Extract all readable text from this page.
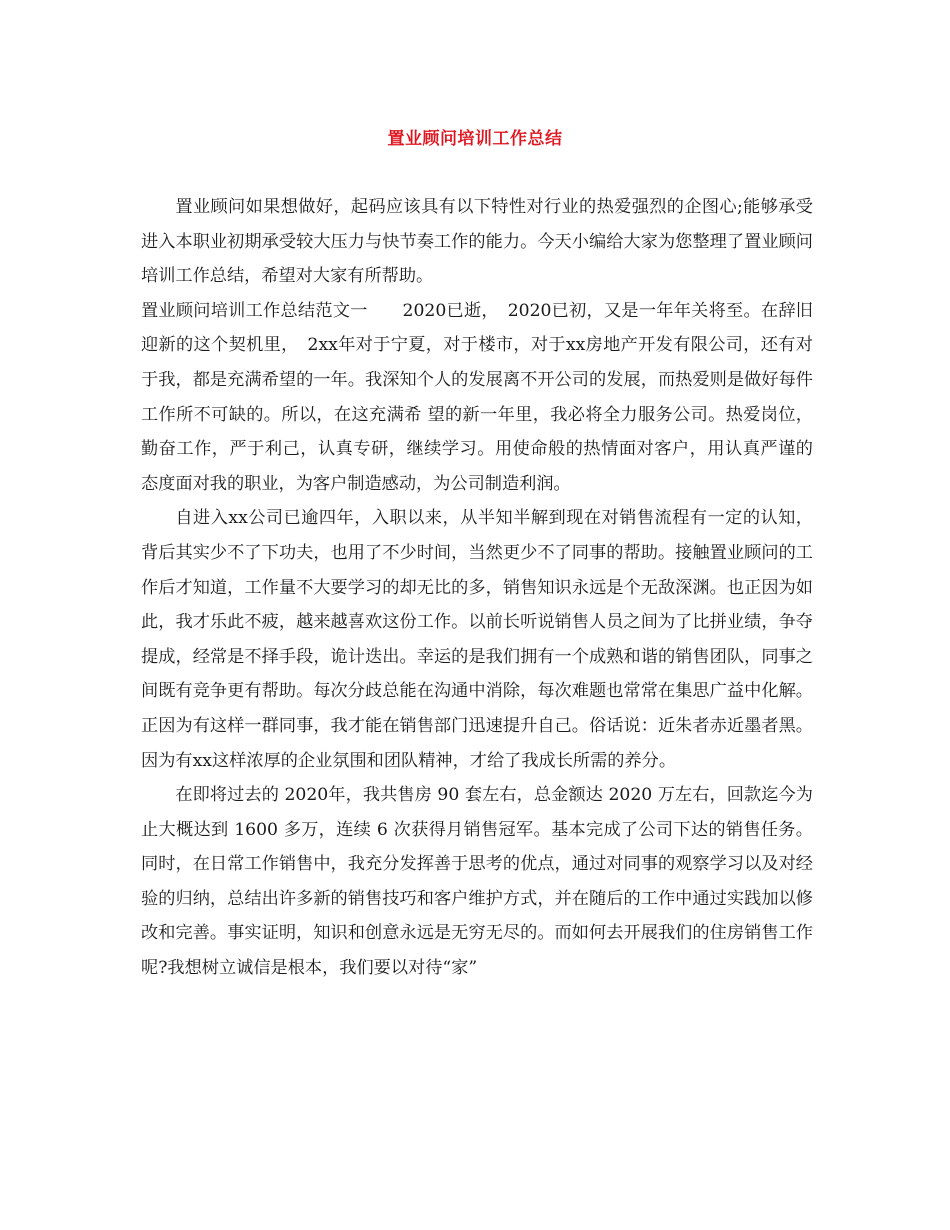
置业顾问培训工作总结

置业顾问如果想做好，起码应该具有以下特性对行业的热爱强烈的企图心;能够承受进入本职业初期承受较大压力与快节奏工作的能力。今天小编给大家为您整理了置业顾问培训工作总结，希望对大家有所帮助。

置业顾问培训工作总结范文一　　2020已逝，　2020已初，又是一年年关将至。在辞旧迎新的这个契机里，　2xx年对于宁夏，对于楼市，对于xx房地产开发有限公司，还有对于我，都是充满希望的一年。我深知个人的发展离不开公司的发展，而热爱则是做好每件工作所不可缺的。所以，在这充满希 望的新一年里，我必将全力服务公司。热爱岗位，勤奋工作，严于利己，认真专研，继续学习。用使命般的热情面对客户，用认真严谨的 态度面对我的职业，为客户制造感动，为公司制造利润。

自进入xx公司已逾四年，入职以来，从半知半解到现在对销售流程有一定的认知，背后其实少不了下功夫，也用了不少时间，当然更少不了同事的帮助。接触置业顾问的工作后才知道，工作量不大要学习的却无比的多，销售知识永远是个无敌深渊。也正因为如此，我才乐此不疲，越来越喜欢这份工作。以前长听说销售人员之间为了比拼业绩，争夺提成，经常是不择手段，诡计迭出。幸运的是我们拥有一个成熟和谐的销售团队，同事之间既有竞争更有帮助。每次分歧总能在沟通中消除，每次难题也常常在集思广益中化解。正因为有这样一群同事，我才能在销售部门迅速提升自己。俗话说：近朱者赤近墨者黑。因为有xx这样浓厚的企业氛围和团队精神，才给了我成长所需的养分。

在即将过去的 2020年，我共售房 90 套左右，总金额达 2020 万左右，回款迄今为止大概达到 1600 多万，连续 6 次获得月销售冠军。基本完成了公司下达的销售任务。同时，在日常工作销售中，我充分发挥善于思考的优点，通过对同事的观察学习以及对经验的归纳，总结出许多新的销售技巧和客户维护方式，并在随后的工作中通过实践加以修改和完善。事实证明，知识和创意永远是无穷无尽的。而如何去开展我们的住房销售工作呢?我想树立诚信是根本，我们要以对待“家”
